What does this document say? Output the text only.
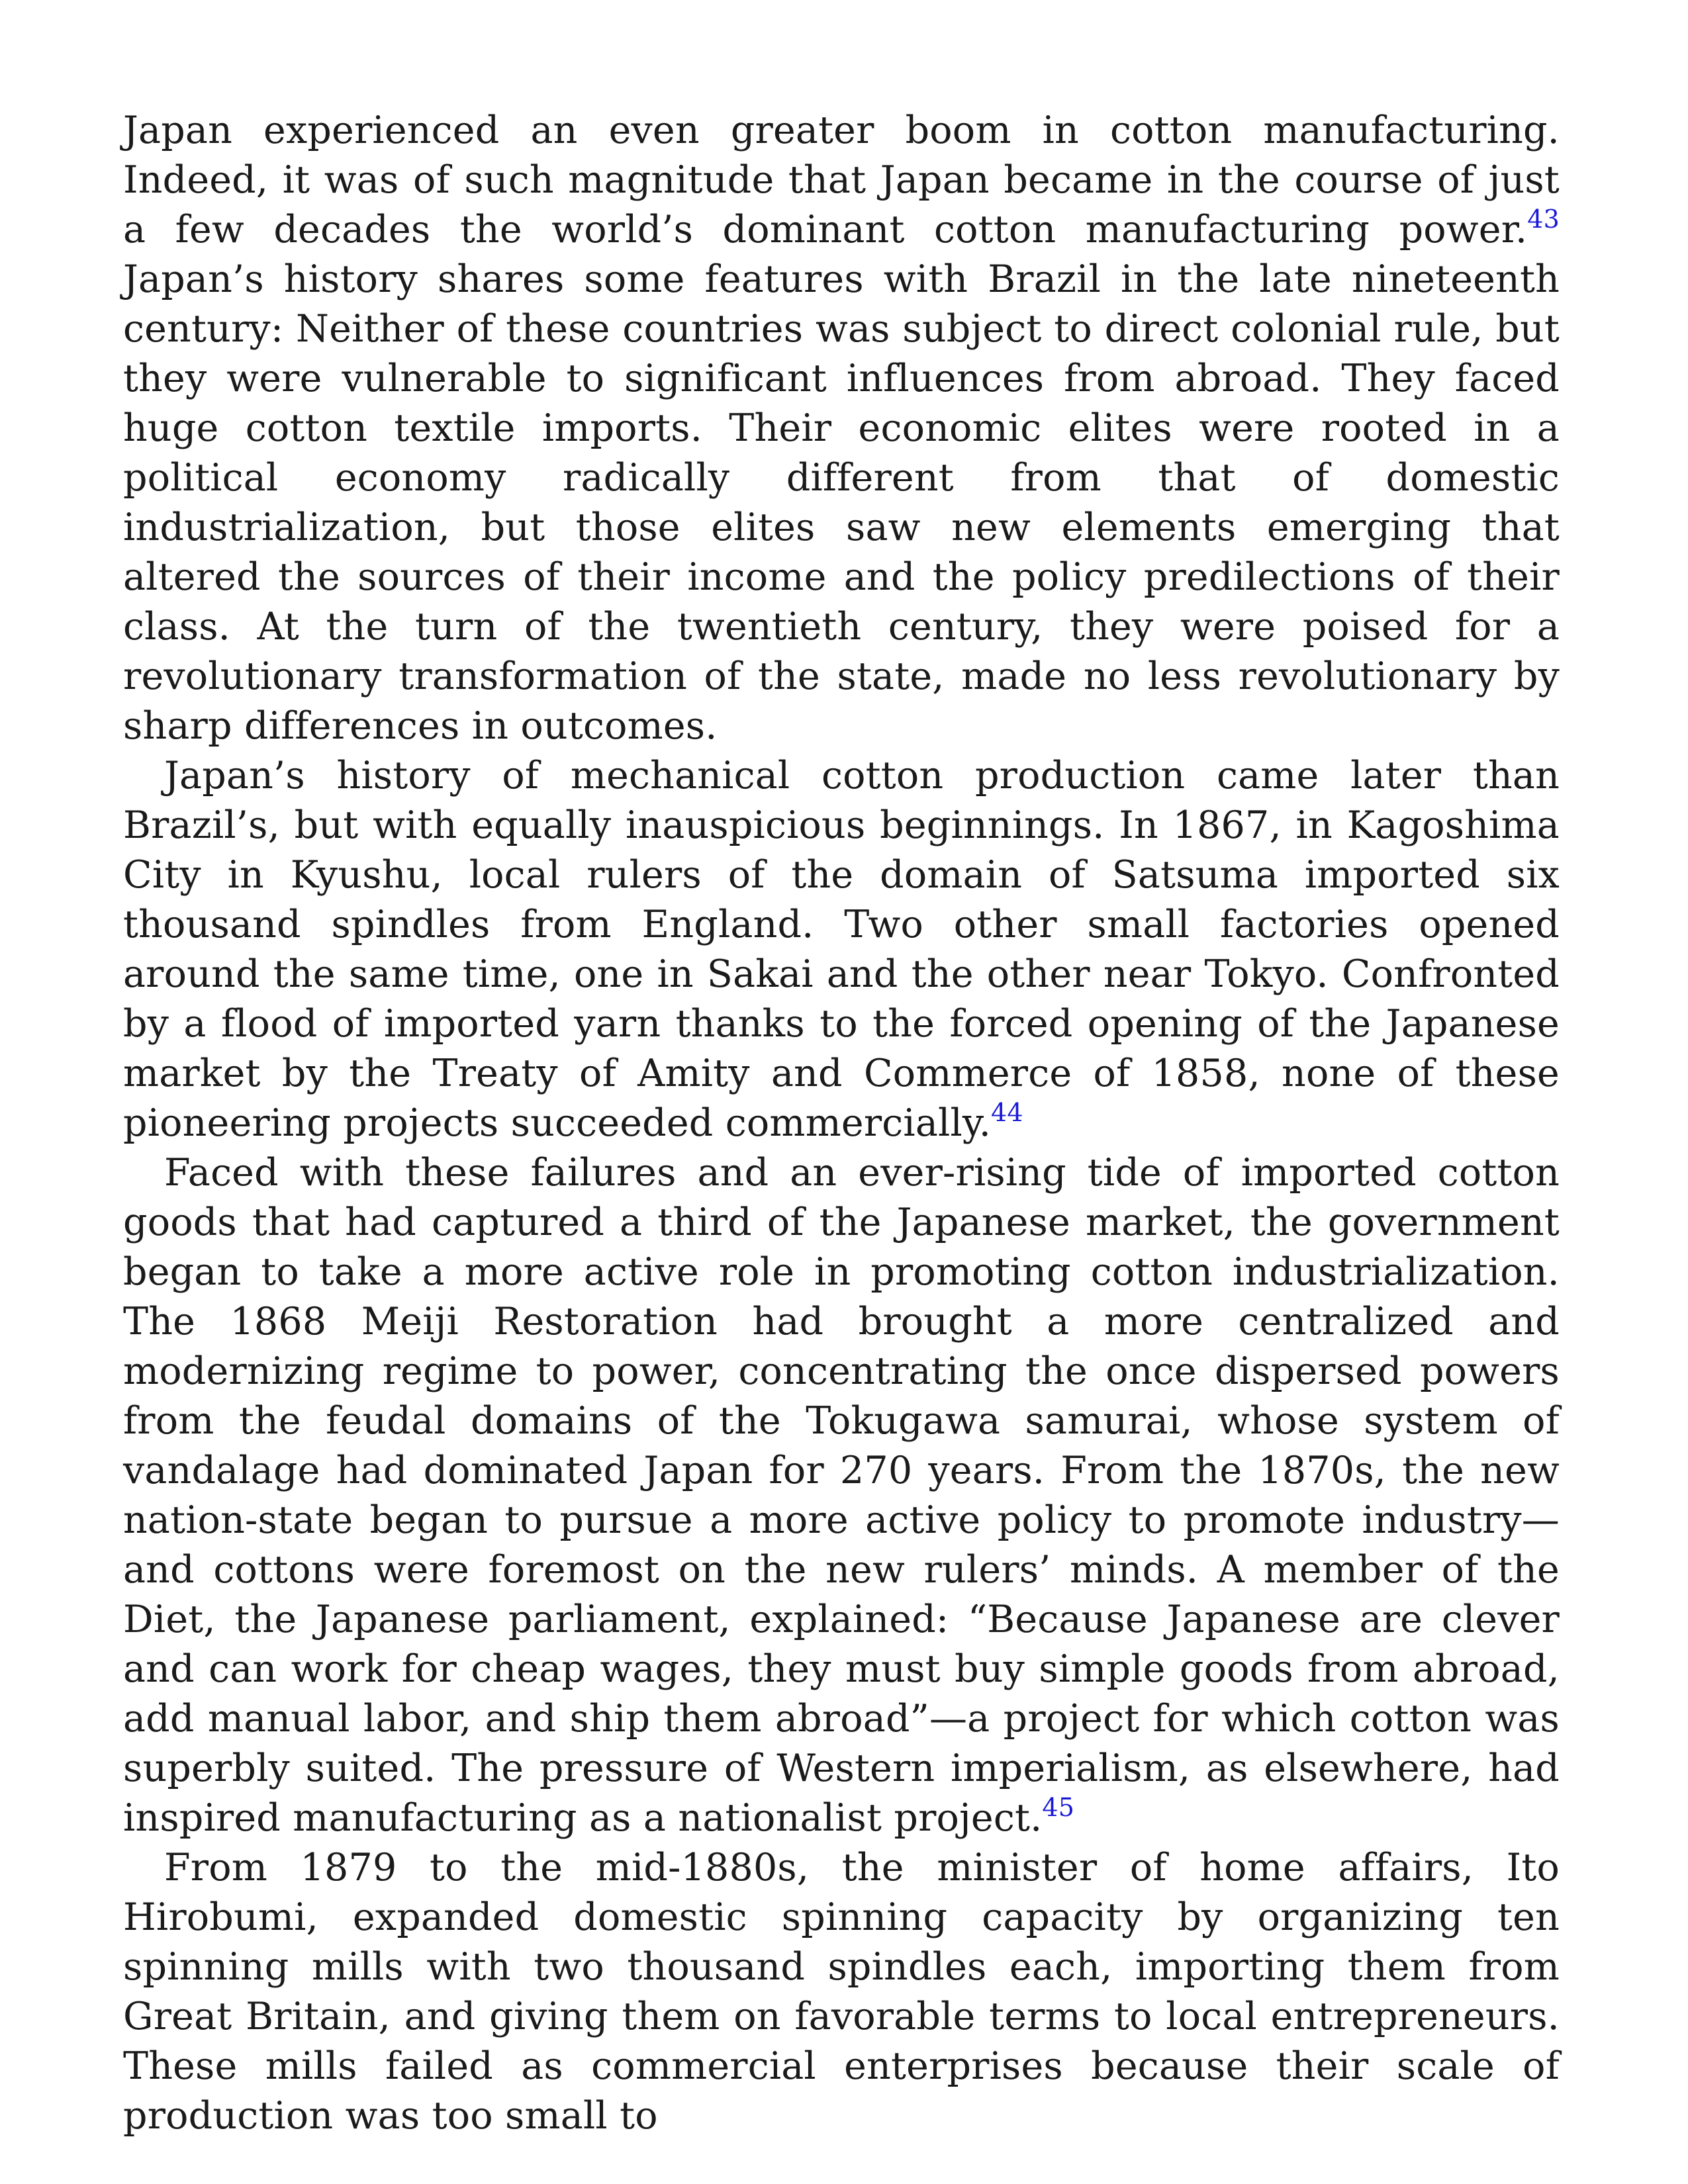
Japan experienced an even greater boom in cotton manufacturing. Indeed, it was of such magnitude that Japan became in the course of just a few decades the world’s dominant cotton manufacturing power.$^{43}$ Japan’s history shares some features with Brazil in the late nineteenth century: Neither of these countries was subject to direct colonial rule, but they were vulnerable to significant influences from abroad. They faced huge cotton textile imports. Their economic elites were rooted in a political economy radically different from that of domestic industrialization, but those elites saw new elements emerging that altered the sources of their income and the policy predilections of their class. At the turn of the twentieth century, they were poised for a revolutionary transformation of the state, made no less revolutionary by sharp differences in outcomes.

Japan’s history of mechanical cotton production came later than Brazil’s, but with equally inauspicious beginnings. In 1867, in Kagoshima City in Kyushu, local rulers of the domain of Satsuma imported six thousand spindles from England. Two other small factories opened around the same time, one in Sakai and the other near Tokyo. Confronted by a flood of imported yarn thanks to the forced opening of the Japanese market by the Treaty of Amity and Commerce of 1858, none of these pioneering projects succeeded commercially.$^{44}$

Faced with these failures and an ever-rising tide of imported cotton goods that had captured a third of the Japanese market, the government began to take a more active role in promoting cotton industrialization. The 1868 Meiji Restoration had brought a more centralized and modernizing regime to power, concentrating the once dispersed powers from the feudal domains of the Tokugawa samurai, whose system of vandalage had dominated Japan for 270 years. From the 1870s, the new nation-state began to pursue a more active policy to promote industry—and cottons were foremost on the new rulers’ minds. A member of the Diet, the Japanese parliament, explained: “Because Japanese are clever and can work for cheap wages, they must buy simple goods from abroad, add manual labor, and ship them abroad”—a project for which cotton was superbly suited. The pressure of Western imperialism, as elsewhere, had inspired manufacturing as a nationalist project.$^{45}$

From 1879 to the mid-1880s, the minister of home affairs, Ito Hirobumi, expanded domestic spinning capacity by organizing ten spinning mills with two thousand spindles each, importing them from Great Britain, and giving them on favorable terms to local entrepreneurs. These mills failed as commercial enterprises because their scale of production was too small to
